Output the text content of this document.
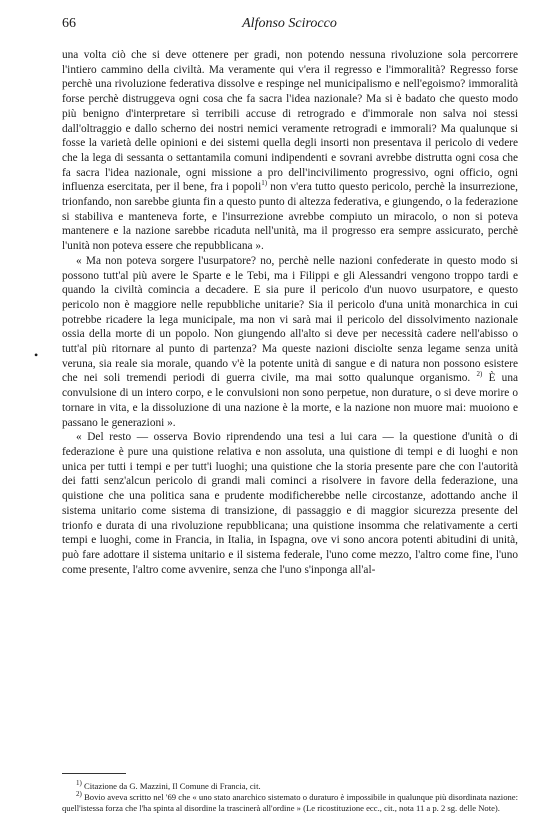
66	Alfonso Scirocco
•

una volta ciò che si deve ottenere per gradi, non potendo nessuna rivoluzione sola percorrere l'intiero cammino della civiltà. Ma veramente qui v'era il regresso e l'immoralità? Regresso forse perchè una rivoluzione federativa dissolve e respinge nel municipalismo e nell'egoismo? immoralità forse perchè distruggeva ogni cosa che fa sacra l'idea nazionale? Ma si è badato che questo modo più benigno d'interpretare sì terribili accuse di retrogrado e d'immorale non salva noi stessi dall'oltraggio e dallo scherno dei nostri nemici veramente retrogradi e immorali? Ma qualunque si fosse la varietà delle opinioni e dei sistemi quella degli insorti non presentava il pericolo di vedere che la lega di sessanta o settantamila comuni indipendenti e sovrani avrebbe distrutta ogni cosa che fa sacra l'idea nazionale, ogni missione a pro dell'incivilimento progressivo, ogni officio, ogni influenza esercitata, per il bene, fra i popoli$^{1)}$ non v'era tutto questo pericolo, perchè la insurrezione, trionfando, non sarebbe giunta fin a questo punto di altezza federativa, e giungendo, o la federazione si stabiliva e manteneva forte, e l'insurrezione avrebbe compiuto un miracolo, o non si poteva mantenere e la nazione sarebbe ricaduta nell'unità, ma il progresso era sempre assicurato, perchè l'unità non poteva essere che repubblicana ».

« Ma non poteva sorgere l'usurpatore? no, perchè nelle nazioni confederate in questo modo si possono tutt'al più avere le Sparte e le Tebi, ma i Filippi e gli Alessandri vengono troppo tardi e quando la civiltà comincia a decadere. E sia pure il pericolo d'un nuovo usurpatore, e questo pericolo non è maggiore nelle repubbliche unitarie? Sia il pericolo d'una unità monarchica in cui potrebbe ricadere la lega municipale, ma non vi sarà mai il pericolo del dissolvimento nazionale ossia della morte di un popolo. Non giungendo all'alto si deve per necessità cadere nell'abisso o tutt'al più ritornare al punto di partenza? Ma queste nazioni disciolte senza legame senza unità veruna, sia reale sia morale, quando v'è la potente unità di sangue e di natura non possono esistere che nei soli tremendi periodi di guerra civile, ma mai sotto qualunque organismo. $^{2)}$ È una convulsione di un intero corpo, e le convulsioni non sono perpetue, non durature, o si deve morire o tornare in vita, e la dissoluzione di una nazione è la morte, e la nazione non muore mai: muoiono e passano le generazioni ».

« Del resto — osserva Bovio riprendendo una tesi a lui cara — la questione d'unità o di federazione è pure una quistione relativa e non assoluta, una quistione di tempi e di luoghi e non unica per tutti i tempi e per tutt'i luoghi; una quistione che la storia presente pare che con l'autorità dei fatti senz'alcun pericolo di grandi mali cominci a risolvere in favore della federazione, una quistione che una politica sana e prudente modificherebbe nelle circostanze, adottando anche il sistema unitario come sistema di transizione, di passaggio e di maggior sicurezza presente del trionfo e durata di una rivoluzione repubblicana; una quistione insomma che relativamente a certi tempi e luoghi, come in Francia, in Italia, in Ispagna, ove vi sono ancora potenti abitudini di unità, può fare adottare il sistema unitario e il sistema federale, l'uno come mezzo, l'altro come fine, l'uno come presente, l'altro come avvenire, senza che l'uno s'inponga all'al-

$^{1)}$ Citazione da G. Mazzini, Il Comune di Francia, cit.

$^{2)}$ Bovio aveva scritto nel '69 che « uno stato anarchico sistemato o duraturo è impossibile in qualunque più disordinata nazione: quell'istessa forza che l'ha spinta al disordine la trascinerà all'ordine » (Le ricostituzione ecc., cit., nota 11 a p. 2 sg. delle Note).
